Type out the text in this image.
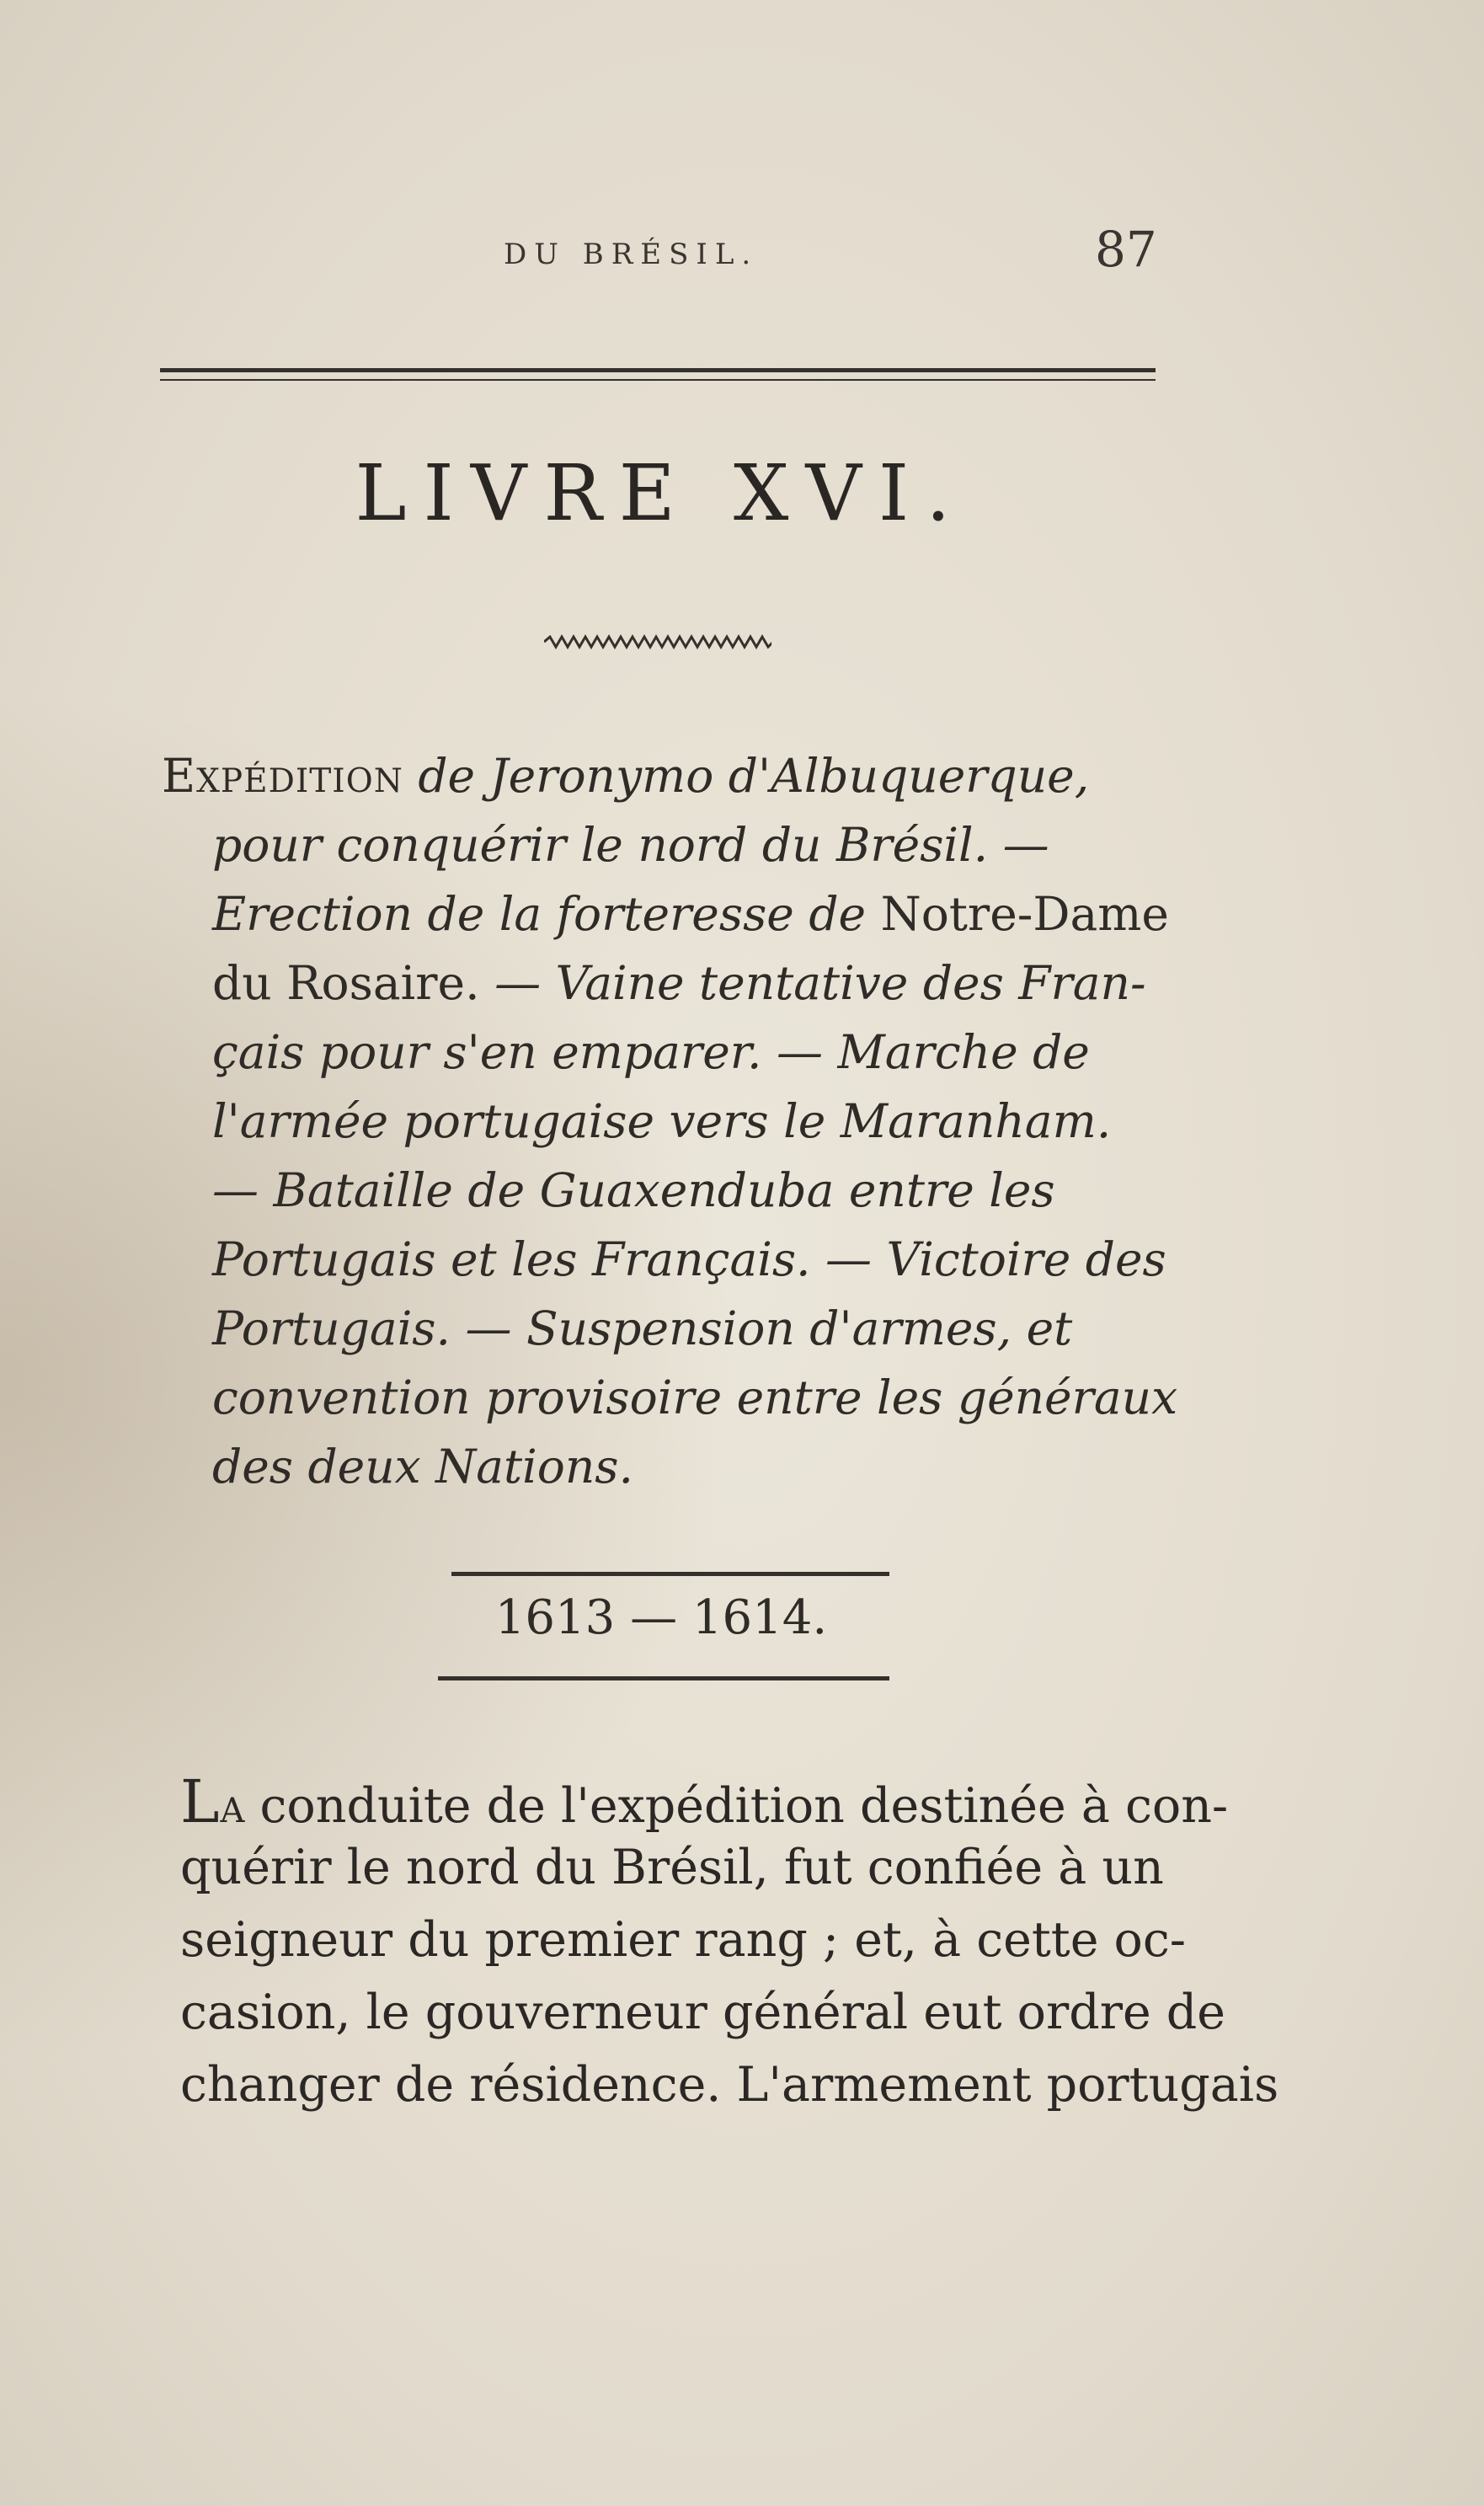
DU BRÉSIL.	87
LIVRE XVI.
Expédition de Jeronymo d'Albuquerque,
pour conquérir le nord du Brésil. —
Erection de la forteresse de Notre-Dame
du Rosaire. — Vaine tentative des Fran-
çais pour s'en emparer. — Marche de
l'armée portugaise vers le Maranham.
— Bataille de Guaxenduba entre les
Portugais et les Français. — Victoire des
Portugais. — Suspension d'armes, et
convention provisoire entre les généraux
des deux Nations.
1613 — 1614.
La conduite de l'expédition destinée à con-
quérir le nord du Brésil, fut confiée à un
seigneur du premier rang ; et, à cette oc-
casion, le gouverneur général eut ordre de
changer de résidence. L'armement portugais
